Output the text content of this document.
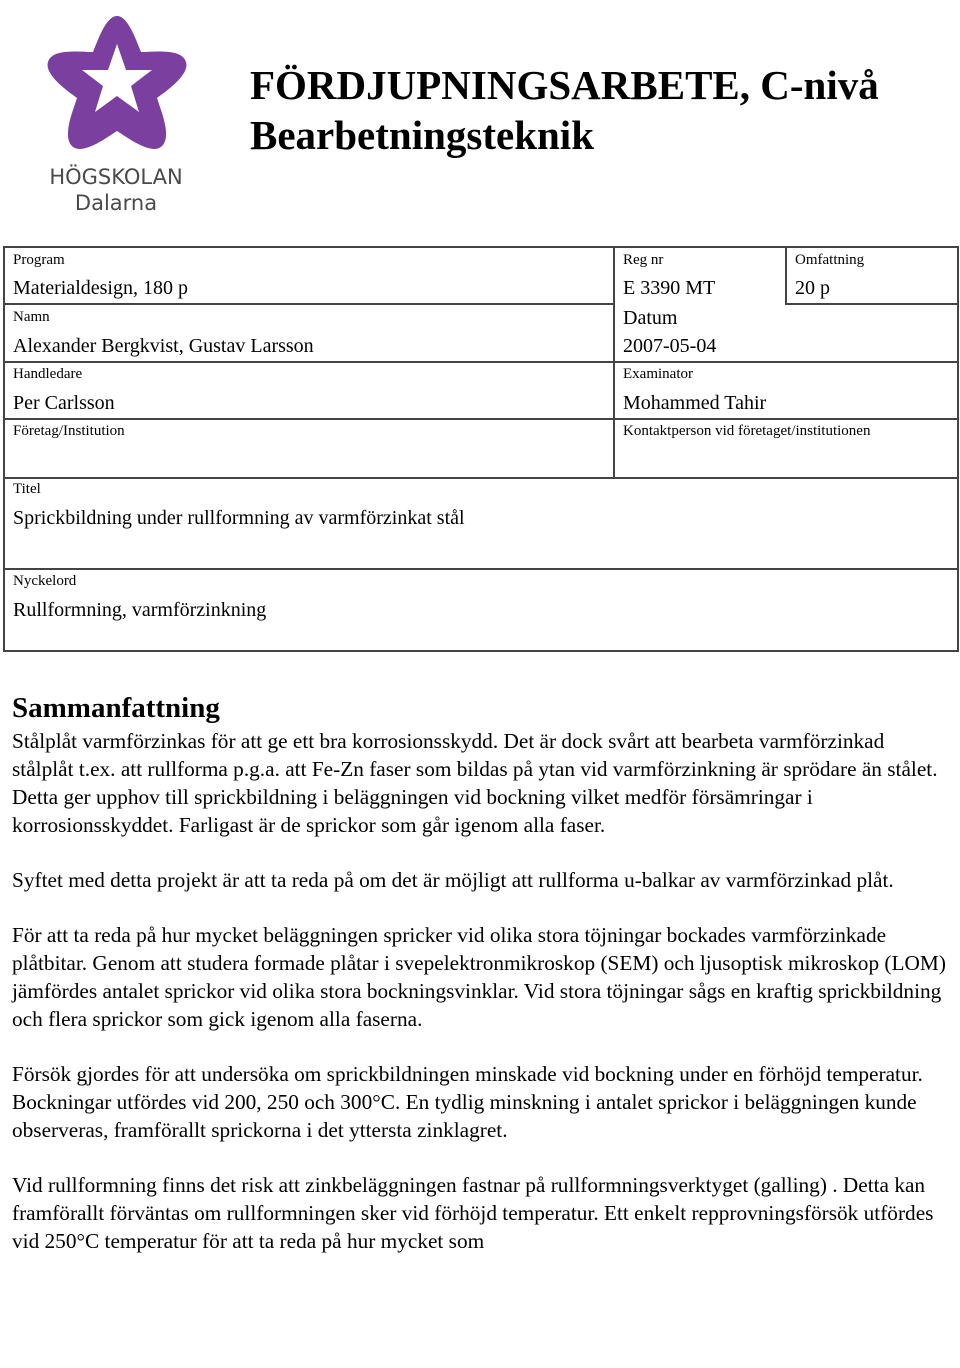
HÖGSKOLAN
Dalarna
FÖRDJUPNINGSARBETE, C-nivå
Bearbetningsteknik
Program
Materialdesign, 180 p
Reg nr
E 3390 MT
Omfattning
20 p
Namn
Alexander Bergkvist, Gustav Larsson
Datum
2007-05-04
Handledare
Per Carlsson
Examinator
Mohammed Tahir
Företag/Institution	Kontaktperson vid företaget/institutionen
Titel
Sprickbildning under rullformning av varmförzinkat stål
Nyckelord
Rullformning, varmförzinkning
Sammanfattning

Stålplåt varmförzinkas för att ge ett bra korrosionsskydd. Det är dock svårt att bearbeta varmförzinkad stålplåt t.ex. att rullforma p.g.a. att Fe-Zn faser som bildas på ytan vid varmförzinkning är sprödare än stålet. Detta ger upphov till sprickbildning i beläggningen vid bockning vilket medför försämringar i korrosionsskyddet. Farligast är de sprickor som går igenom alla faser.

Syftet med detta projekt är att ta reda på om det är möjligt att rullforma u-balkar av varmförzinkad plåt.

För att ta reda på hur mycket beläggningen spricker vid olika stora töjningar bockades varmförzinkade plåtbitar. Genom att studera formade plåtar i svepelektronmikroskop (SEM) och ljusoptisk mikroskop (LOM) jämfördes antalet sprickor vid olika stora bockningsvinklar. Vid stora töjningar sågs en kraftig sprickbildning och flera sprickor som gick igenom alla faserna.

Försök gjordes för att undersöka om sprickbildningen minskade vid bockning under en förhöjd temperatur. Bockningar utfördes vid 200, 250 och 300°C. En tydlig minskning i antalet sprickor i beläggningen kunde observeras, framförallt sprickorna i det yttersta zinklagret.

Vid rullformning finns det risk att zinkbeläggningen fastnar på rullformningsverktyget (galling) . Detta kan framförallt förväntas om rullformningen sker vid förhöjd temperatur. Ett enkelt repprovningsförsök utfördes vid 250°C temperatur för att ta reda på hur mycket som
